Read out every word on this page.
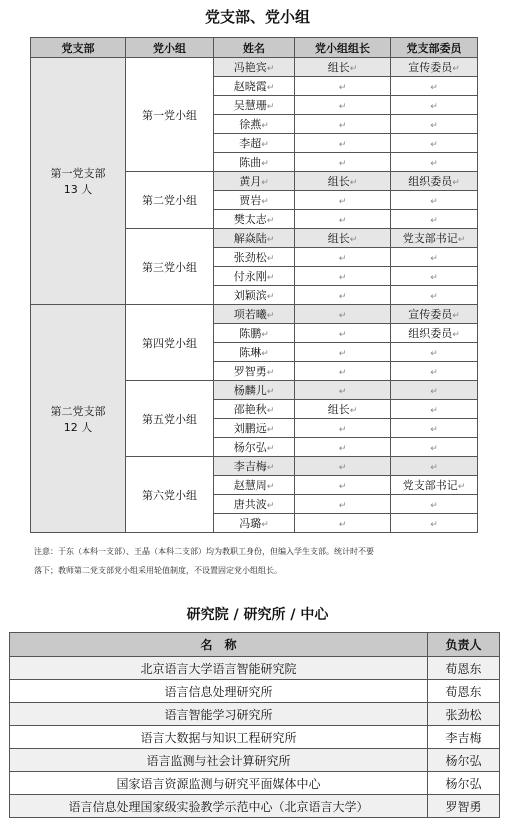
党支部、党小组
党支部	党小组	姓名	党小组组长	党支部委员

第一党支部
13 人	第一党小组	冯艳宾↵	组长↵	宣传委员↵
		赵晓霞↵	↵	↵
		吴慧珊↵	↵	↵
		徐燕↵	↵	↵
		李超↵	↵	↵
		陈曲↵	↵	↵
	第二党小组	黄月↵	组长↵	组织委员↵
		贾岩↵	↵	↵
		樊太志↵	↵	↵
	第三党小组	解焱陆↵	组长↵	党支部书记↵
		张劲松↵	↵	↵
		付永刚↵	↵	↵
		刘颖滨↵	↵	↵

第二党支部
12 人	第四党小组	项若曦↵	↵	宣传委员↵
		陈鹏↵	↵	组织委员↵
		陈琳↵	↵	↵
		罗智勇↵	↵	↵
	第五党小组	杨麟儿↵	↵	↵
		邵艳秋↵	组长↵	↵
		刘鹏远↵	↵	↵
		杨尔弘↵	↵	↵
	第六党小组	李吉梅↵	↵	↵
		赵慧周↵	↵	党支部书记↵
		唐共波↵	↵	↵
		冯璐↵	↵	↵
注意：于东（本科一支部）、王晶（本科二支部）均为教职工身份，但编入学生支部。统计时不要
落下；教师第二党支部党小组采用轮值制度，不设置固定党小组组长。
研究院 / 研究所 / 中心
名　称	负责人
北京语言大学语言智能研究院	荀恩东
语言信息处理研究所	荀恩东
语言智能学习研究所	张劲松
语言大数据与知识工程研究所	李吉梅
语言监测与社会计算研究所	杨尔弘
国家语言资源监测与研究平面媒体中心	杨尔弘
语言信息处理国家级实验教学示范中心（北京语言大学）	罗智勇
